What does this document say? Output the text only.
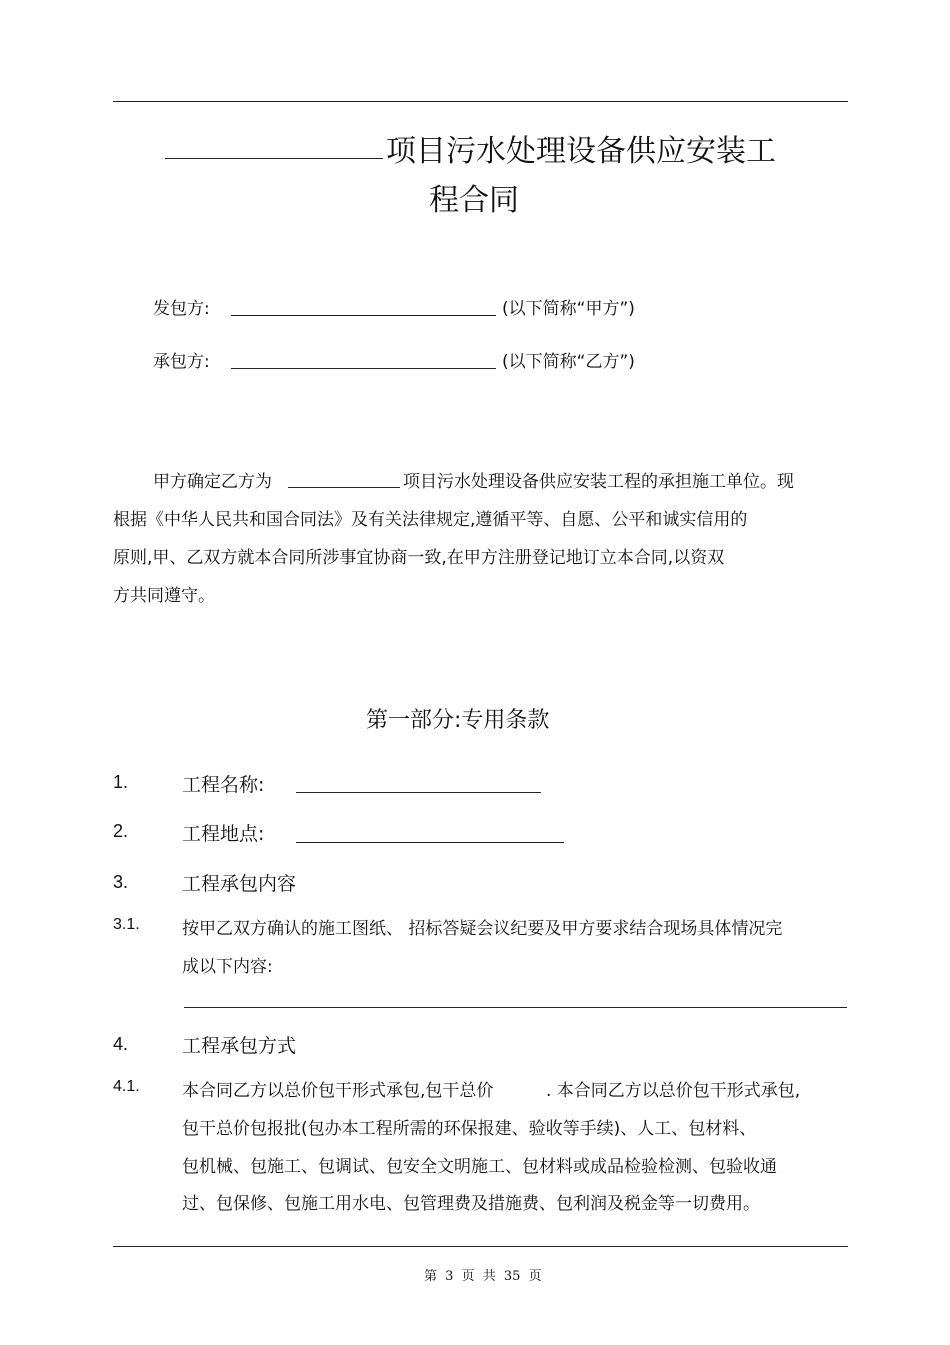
项目污水处理设备供应安装工
程合同
发包方:	(以下简称“甲方”)
承包方:	(以下简称“乙方”)
甲方确定乙方为	项目污水处理设备供应安装工程的承担施工单位。现
根据《中华人民共和国合同法》及有关法律规定,遵循平等、自愿、公平和诚实信用的
原则,甲、乙双方就本合同所涉事宜协商一致,在甲方注册登记地订立本合同,以资双
方共同遵守。
第一部分:专用条款
1.	工程名称:
2.	工程地点:
3.	工程承包内容
3.1. 按甲乙双方确认的施工图纸、 招标答疑会议纪要及甲方要求结合现场具体情况完
成以下内容:
4.	工程承包方式
4.1. 本合同乙方以总价包干形式承包,包干总价	. 本合同乙方以总价包干形式承包,
包干总价包报批(包办本工程所需的环保报建、验收等手续)、人工、包材料、
包机械、包施工、包调试、包安全文明施工、包材料或成品检验检测、包验收通
过、包保修、包施工用水电、包管理费及措施费、包利润及税金等一切费用。
第 3 页 共 35 页
